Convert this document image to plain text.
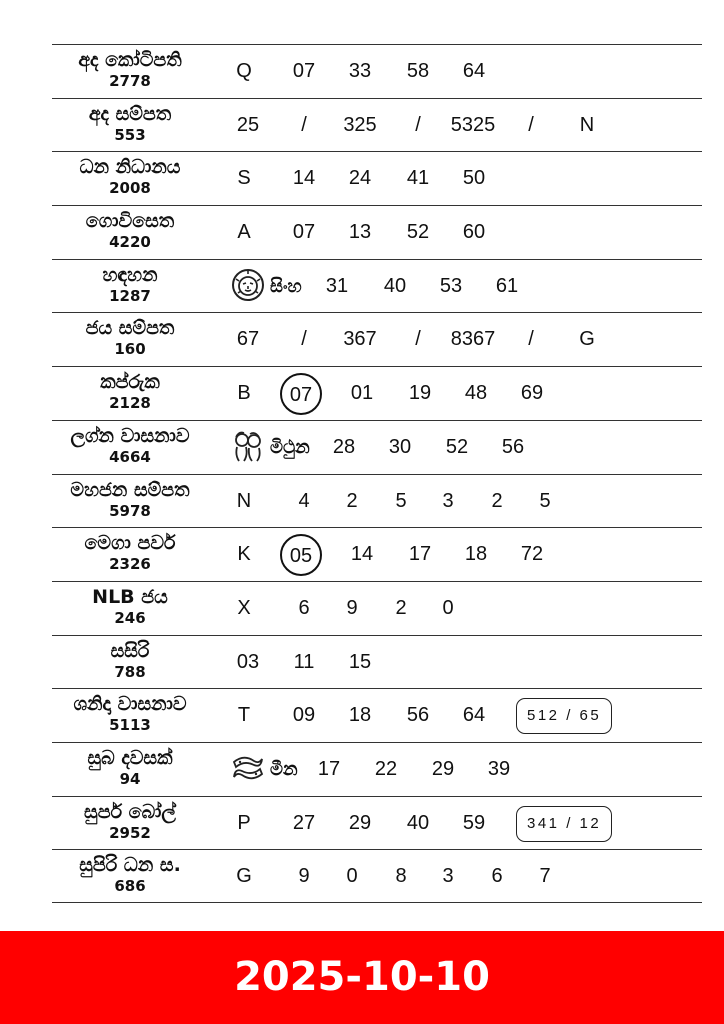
අද කෝටිපති
2778	Q 07 33 58 64
අද සම්පත
553	25 / 325 / 5325 / N
ධන නිධානය
2008	S 14 24 41 50
ගොවිසෙත
4220	A 07 13 52 60
හඳහන
1287	සිංහ 31 40 53 61
ජය සම්පත
160	67 / 367 / 8367 / G
කප්රුක
2128	B	07	01 19 48 69
ලග්න වාසනාව
4664	මිථුන 28 30 52 56
මහජන සම්පත
5978	N 4 2 5 3 2 5
මෙගා පවර්
2326	K	05	14 17 18 72
NLB ජය
246	X 6 9 2 0
සසිරි
788	03 11 15
ශනිදා වාසනාව
5113	T 09 18 56 64	512 / 65
සුබ දවසක්
94	මීන 17 22 29 39
සුපර් බෝල්
2952	P 27 29 40 59	341 / 12
සුපිරි ධන ස.
686	G 9 0 8 3 6 7
2025-10-10
